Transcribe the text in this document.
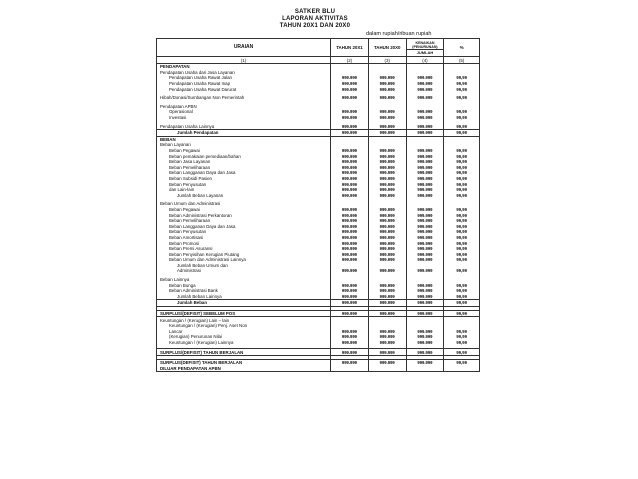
SATKER BLU
LAPORAN AKTIVITAS
TAHUN 20X1 DAN 20X0
dalam rupiah/ribuan rupiah
URAIAN	TAHUN 20X1	TAHUN 20X0	KENAIKAN (PENURUNAN)
JUMLAH	%
(1)	(2)	(3)	(4)	(5)
PENDAPATAN				
Pendapatan Usaha dari Jasa Layanan				
Pendapatan Usaha Rawat Jalan	999.999	999.999	999.999	99,99
Pendapatan Usaha Rawat Inap	999.999	999.999	999.999	99,99
Pendapatan Usaha Rawat Darurat	999.999	999.999	999.999	99,99

Hibah/Donasi/Sumbangan Non Pemerintah	999.999	999.999	999.999	99,99

Pendapatan APBN				
Operasional	999.999	999.999	999.999	99,99
Investasi	999.999	999.999	999.999	99,99

Pendapatan Usaha Lainnya	999.999	999.999	999.999	99,99
Jumlah Pendapatan	999.999	999.999	999.999	99,99
BEBAN				
Beban Layanan				
Beban Pegawai	999.999	999.999	999.999	99,99
Beban pemakaian persediaan/bahan	999.999	999.999	999.999	99,99
Beban Jasa Layanan	999.999	999.999	999.999	99,99
Beban Pemeliharaan	999.999	999.999	999.999	99,99
Beban Langganan Daya dan Jasa	999.999	999.999	999.999	99,99
Beban Subsidi Pasien	999.999	999.999	999.999	99,99
Beban Penyusutan	999.999	999.999	999.999	99,99
dan Lain-lain	999.999	999.999	999.999	99,99
Jumlah Beban Layanan	999.999	999.999	999.999	99,99

Beban Umum dan Administrasi				
Beban Pegawai	999.999	999.999	999.999	99,99
Beban Administrasi Perkantoran	999.999	999.999	999.999	99,99
Beban Pemeliharaan	999.999	999.999	999.999	99,99
Beban Langganan Daya dan Jasa	999.999	999.999	999.999	99,99
Beban Penyusutan	999.999	999.999	999.999	99,99
Beban Amortisasi	999.999	999.999	999.999	99,99
Beban Promosi	999.999	999.999	999.999	99,99
Beban Premi Asuransi	999.999	999.999	999.999	99,99
Beban Penyisihan Kerugian Piutang	999.999	999.999	999.999	99,99
Beban Umum dan Administrasi Lainnya	999.999	999.999	999.999	99,99
Jumlah Beban Umum dan				
Administrasi	999.999	999.999	999.999	99,99

Beban Lainnya				
Beban Bunga	999.999	999.999	999.999	99,99
Beban Administrasi Bank	999.999	999.999	999.999	99,99
Jumlah Beban Lainnya	999.999	999.999	999.999	99,99
Jumlah Beban	999.999	999.999	999.999	99,99

SURPLUS/(DEFISIT) SEBELUM POS	999.999	999.999	999.999	99,99
Keuntungan / (Kerugian) Lain – lain				
Keuntungan / (Kerugian) Penj. Aset Non				
Lancar	999.999	999.999	999.999	99,99
(Kerugian) Penurunan Nilai	999.999	999.999	999.999	99,99
Keuntungan / (Kerugian) Lainnya	999.999	999.999	999.999	99,99

SURPLUS/(DEFISIT) TAHUN BERJALAN	999.999	999.999	999.999	99,99

SURPLUS(DEFISIT) TAHUN BERJALAN	999.999	999.999	999.999	99,99
DILUAR PENDAPATAN APBN				
